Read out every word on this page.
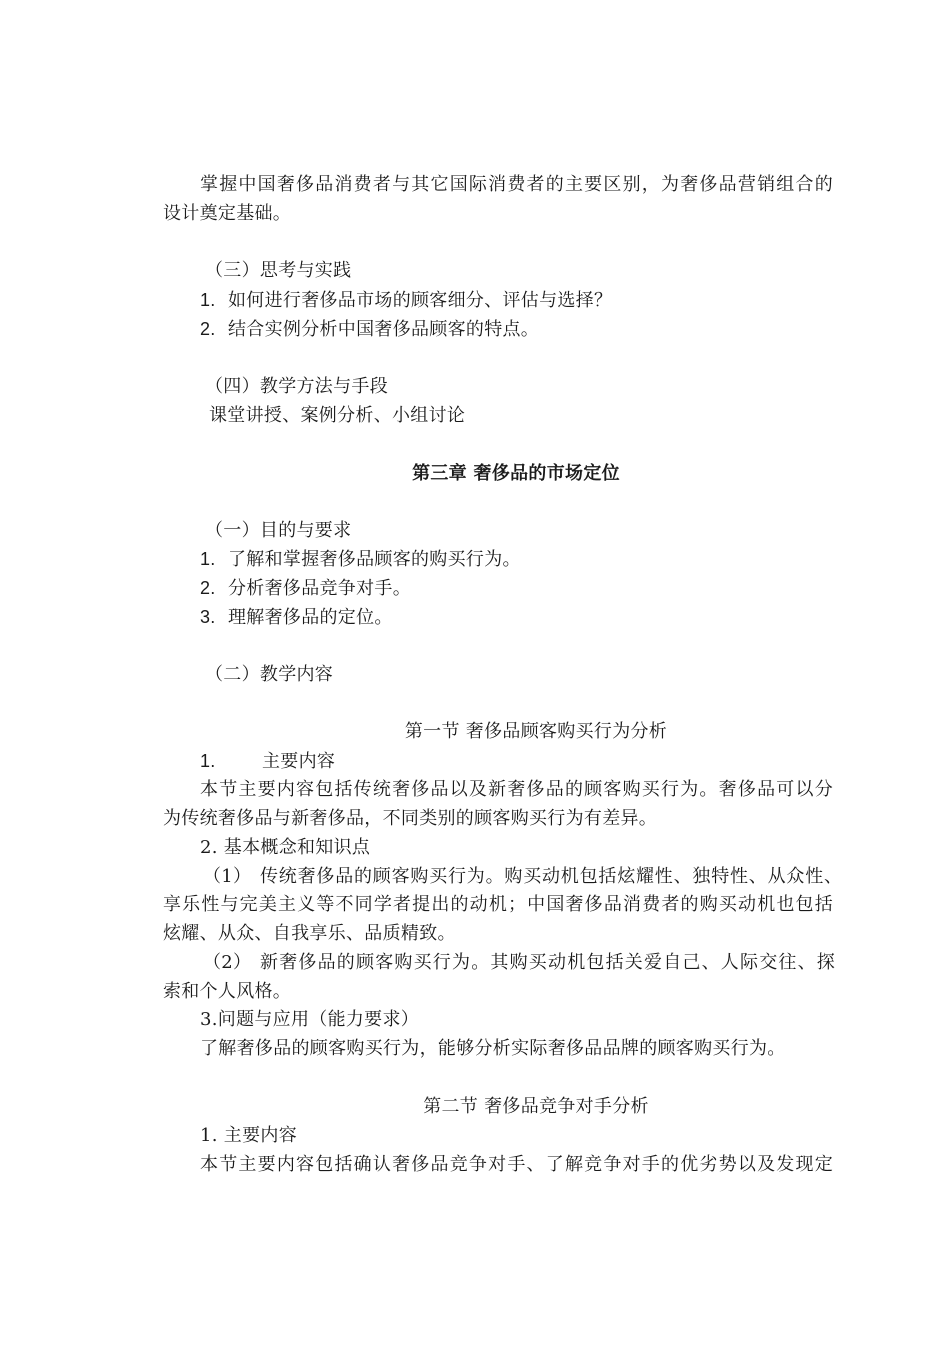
掌握中国奢侈品消费者与其它国际消费者的主要区别，为奢侈品营销组合的
设计奠定基础。
（三）思考与实践
1. 如何进行奢侈品市场的顾客细分、评估与选择？
2. 结合实例分析中国奢侈品顾客的特点。
（四）教学方法与手段
课堂讲授、案例分析、小组讨论
第三章 奢侈品的市场定位
（一）目的与要求
1. 了解和掌握奢侈品顾客的购买行为。
2. 分析奢侈品竞争对手。
3. 理解奢侈品的定位。
（二）教学内容
第一节 奢侈品顾客购买行为分析
1.	主要内容
本节主要内容包括传统奢侈品以及新奢侈品的顾客购买行为。奢侈品可以分
为传统奢侈品与新奢侈品，不同类别的顾客购买行为有差异。
2. 基本概念和知识点
（1） 传统奢侈品的顾客购买行为。购买动机包括炫耀性、独特性、从众性、
享乐性与完美主义等不同学者提出的动机；中国奢侈品消费者的购买动机也包括
炫耀、从众、自我享乐、品质精致。
（2） 新奢侈品的顾客购买行为。其购买动机包括关爱自己、人际交往、探
索和个人风格。
3.问题与应用（能力要求）
了解奢侈品的顾客购买行为，能够分析实际奢侈品品牌的顾客购买行为。
第二节 奢侈品竞争对手分析
1. 主要内容
本节主要内容包括确认奢侈品竞争对手、了解竞争对手的优劣势以及发现定
